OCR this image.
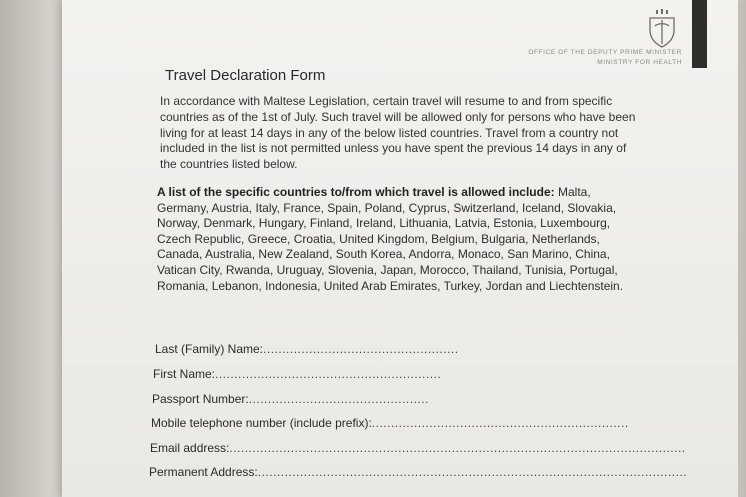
OFFICE OF THE DEPUTY PRIME MINISTER
MINISTRY FOR HEALTH
Travel Declaration Form
In accordance with Maltese Legislation, certain travel will resume to and from specific countries as of the 1st of July. Such travel will be allowed only for persons who have been living for at least 14 days in any of the below listed countries. Travel from a country not included in the list is not permitted unless you have spent the previous 14 days in any of the countries listed below.
A list of the specific countries to/from which travel is allowed include: Malta, Germany, Austria, Italy, France, Spain, Poland, Cyprus, Switzerland, Iceland, Slovakia, Norway, Denmark, Hungary, Finland, Ireland, Lithuania, Latvia, Estonia, Luxembourg, Czech Republic, Greece, Croatia, United Kingdom, Belgium, Bulgaria, Netherlands, Canada, Australia, New Zealand, South Korea, Andorra, Monaco, San Marino, China, Vatican City, Rwanda, Uruguay, Slovenia, Japan, Morocco, Thailand, Tunisia, Portugal, Romania, Lebanon, Indonesia, United Arab Emirates, Turkey, Jordan and Liechtenstein.
Last (Family) Name:...................................................
First Name:...........................................................
Passport Number:...............................................
Mobile telephone number (include prefix):...................................................................
Email address:.......................................................................................................................
Permanent Address:................................................................................................................
